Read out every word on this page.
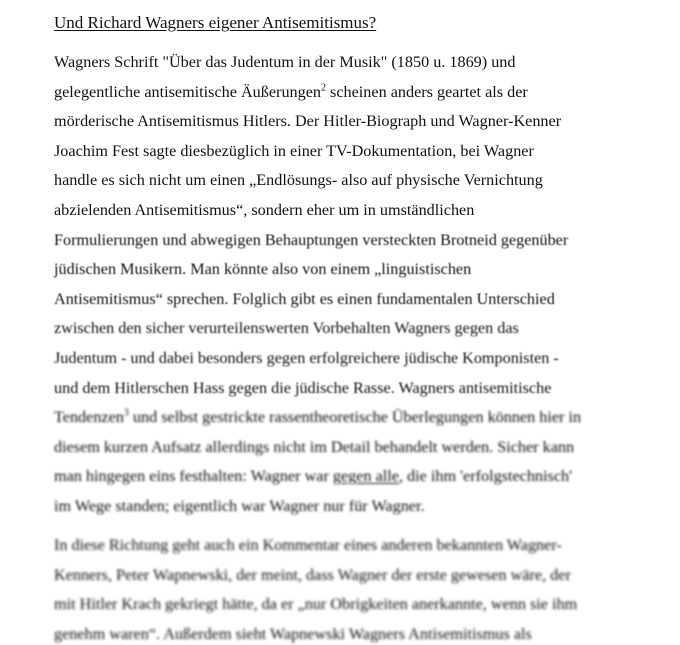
Und Richard Wagners eigener Antisemitismus?

Wagners Schrift "Über das Judentum in der Musik" (1850 u. 1869) und
gelegentliche antisemitische Äußerungen$^2$ scheinen anders geartet als der
mörderische Antisemitismus Hitlers. Der Hitler-Biograph und Wagner-Kenner
Joachim Fest sagte diesbezüglich in einer TV-Dokumentation, bei Wagner
handle es sich nicht um einen „Endlösungs- also auf physische Vernichtung
abzielenden Antisemitismus“, sondern eher um in umständlichen
Formulierungen und abwegigen Behauptungen versteckten Brotneid gegenüber
jüdischen Musikern. Man könnte also von einem „linguistischen
Antisemitismus“ sprechen. Folglich gibt es einen fundamentalen Unterschied
zwischen den sicher verurteilenswerten Vorbehalten Wagners gegen das
Judentum - und dabei besonders gegen erfolgreichere jüdische Komponisten -
und dem Hitlerschen Hass gegen die jüdische Rasse. Wagners antisemitische
Tendenzen$^3$ und selbst gestrickte rassentheoretische Überlegungen können hier in
diesem kurzen Aufsatz allerdings nicht im Detail behandelt werden. Sicher kann
man hingegen eins festhalten: Wagner war gegen alle, die ihm 'erfolgstechnisch'
im Wege standen; eigentlich war Wagner nur für Wagner.

In diese Richtung geht auch ein Kommentar eines anderen bekannten Wagner-
Kenners, Peter Wapnewski, der meint, dass Wagner der erste gewesen wäre, der
mit Hitler Krach gekriegt hätte, da er „nur Obrigkeiten anerkannte, wenn sie ihm
genehm waren“. Außerdem sieht Wapnewski Wagners Antisemitismus als
